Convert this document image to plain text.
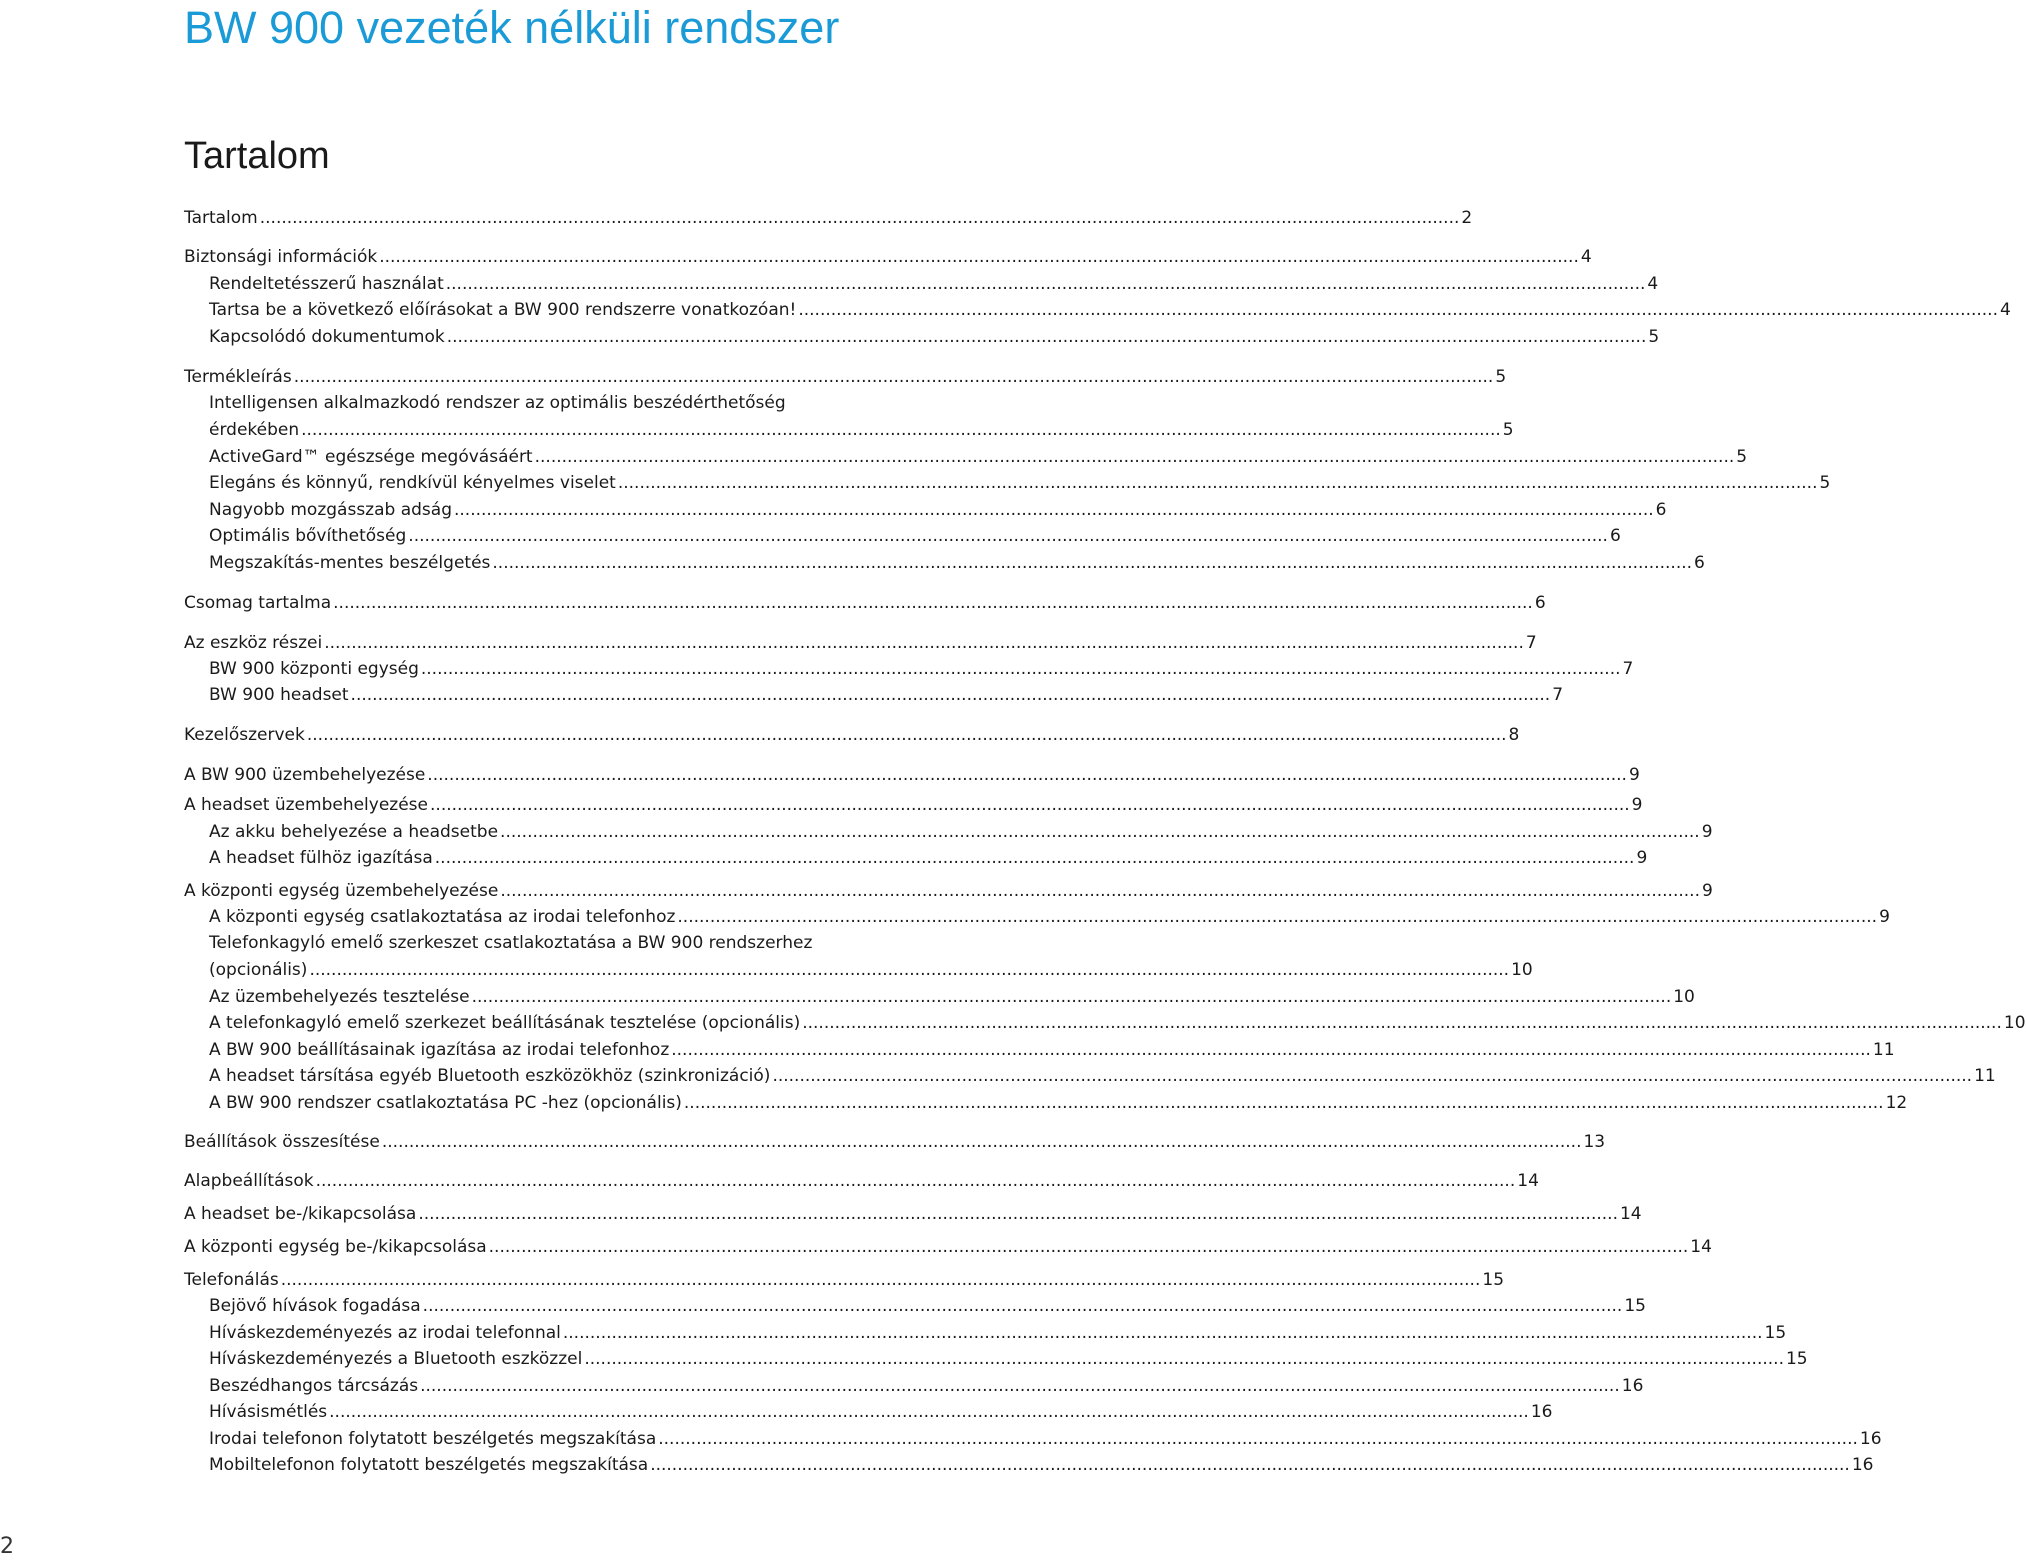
BW 900 vezeték nélküli rendszer
Tartalom
Tartalom .....	2
Biztonsági információk .....	4
Rendeltetésszerű használat .....	4
Tartsa be a következő előírásokat a BW 900 rendszerre vonatkozóan! .....	4
Kapcsolódó dokumentumok .....	5
Termékleírás .....	5
Intelligensen alkalmazkodó rendszer az optimális beszédérthetőség
érdekében .....	5
ActiveGard™ egészsége megóvásáért .....	5
Elegáns és könnyű, rendkívül kényelmes viselet .....	5
Nagyobb mozgásszab adság .....	6
Optimális bővíthetőség .....	6
Megszakítás-mentes beszélgetés .....	6
Csomag tartalma .....	6
Az eszköz részei .....	7
BW 900 központi egység .....	7
BW 900 headset .....	7
Kezelőszervek .....	8
A BW 900 üzembehelyezése .....	9
A headset üzembehelyezése .....	9
Az akku behelyezése a headsetbe .....	9
A headset fülhöz igazítása .....	9
A központi egység üzembehelyezése .....	9
A központi egység csatlakoztatása az irodai telefonhoz .....	9
Telefonkagyló emelő szerkeszet csatlakoztatása a BW 900 rendszerhez
(opcionális) .....	10
Az üzembehelyezés tesztelése .....	10
A telefonkagyló emelő szerkezet beállításának tesztelése (opcionális) .....	10
A BW 900 beállításainak igazítása az irodai telefonhoz .....	11
A headset társítása egyéb Bluetooth eszközökhöz (szinkronizáció) .....	11
A BW 900 rendszer csatlakoztatása PC -hez (opcionális) .....	12
Beállítások összesítése .....	13
Alapbeállítások .....	14
A headset be-/kikapcsolása .....	14
A központi egység be-/kikapcsolása .....	14
Telefonálás .....	15
Bejövő hívások fogadása .....	15
Híváskezdeményezés az irodai telefonnal .....	15
Híváskezdeményezés a Bluetooth eszközzel .....	15
Beszédhangos tárcsázás .....	16
Hívásismétlés .....	16
Irodai telefonon folytatott beszélgetés megszakítása .....	16
Mobiltelefonon folytatott beszélgetés megszakítása .....	16
2
